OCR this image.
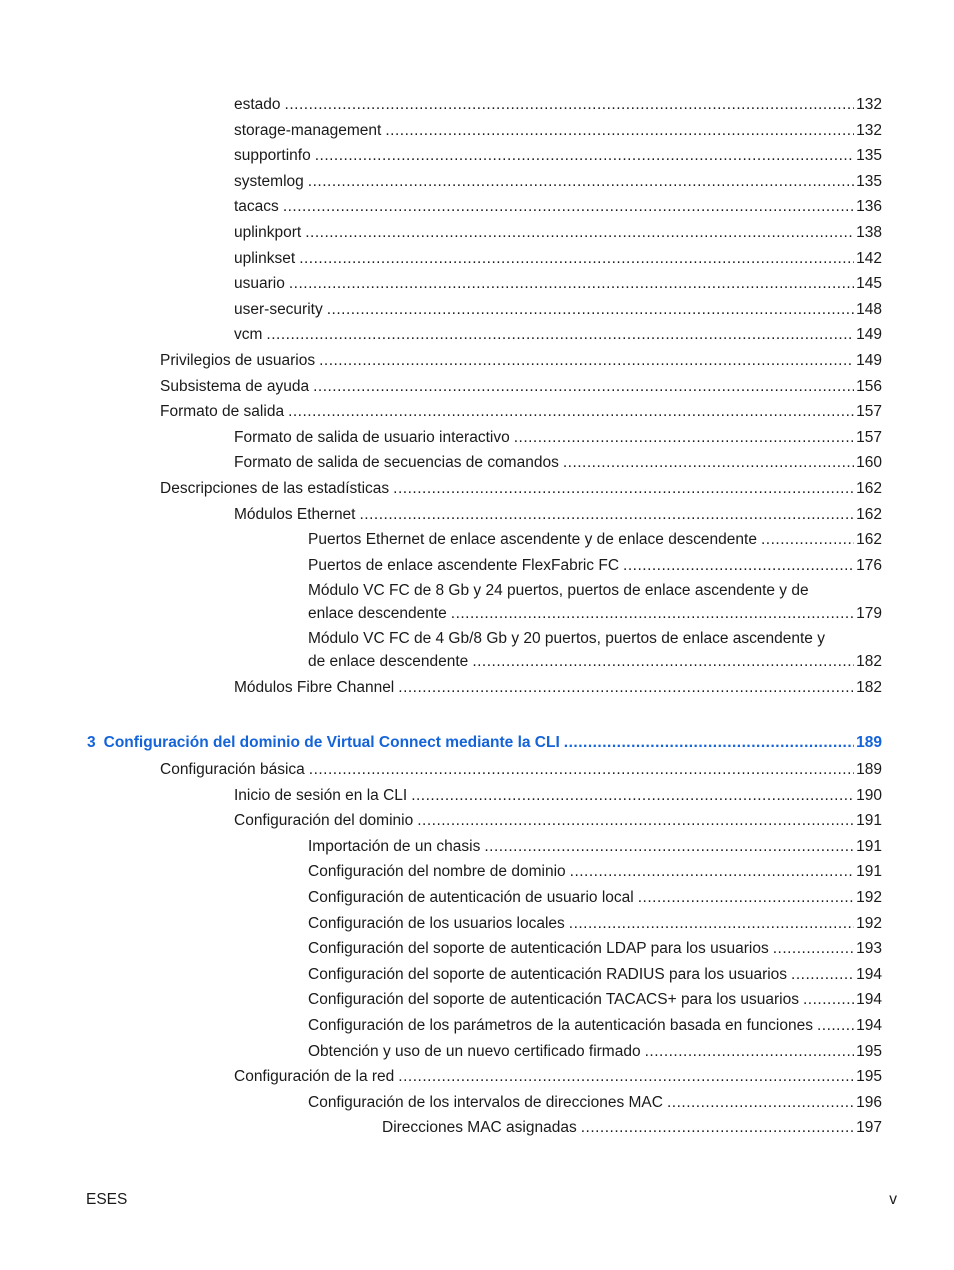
estado .....	132
storage-management .....	132
supportinfo .....	135
systemlog .....	135
tacacs .....	136
uplinkport .....	138
uplinkset .....	142
usuario .....	145
user-security .....	148
vcm .....	149
Privilegios de usuarios .....	149
Subsistema de ayuda .....	156
Formato de salida .....	157
Formato de salida de usuario interactivo .....	157
Formato de salida de secuencias de comandos .....	160
Descripciones de las estadísticas .....	162
Módulos Ethernet .....	162
Puertos Ethernet de enlace ascendente y de enlace descendente .....	162
Puertos de enlace ascendente FlexFabric FC .....	176
Módulo VC FC de 8 Gb y 24 puertos, puertos de enlace ascendente y de
enlace descendente .....	179
Módulo VC FC de 4 Gb/8 Gb y 20 puertos, puertos de enlace ascendente y
de enlace descendente .....	182
Módulos Fibre Channel .....	182
3 Configuración del dominio de Virtual Connect mediante la CLI .....	189
Configuración básica .....	189
Inicio de sesión en la CLI .....	190
Configuración del dominio .....	191
Importación de un chasis .....	191
Configuración del nombre de dominio .....	191
Configuración de autenticación de usuario local .....	192
Configuración de los usuarios locales .....	192
Configuración del soporte de autenticación LDAP para los usuarios .....	193
Configuración del soporte de autenticación RADIUS para los usuarios .....	194
Configuración del soporte de autenticación TACACS+ para los usuarios .....	194
Configuración de los parámetros de la autenticación basada en funciones .....	194
Obtención y uso de un nuevo certificado firmado .....	195
Configuración de la red .....	195
Configuración de los intervalos de direcciones MAC .....	196
Direcciones MAC asignadas .....	197
ESES	v
